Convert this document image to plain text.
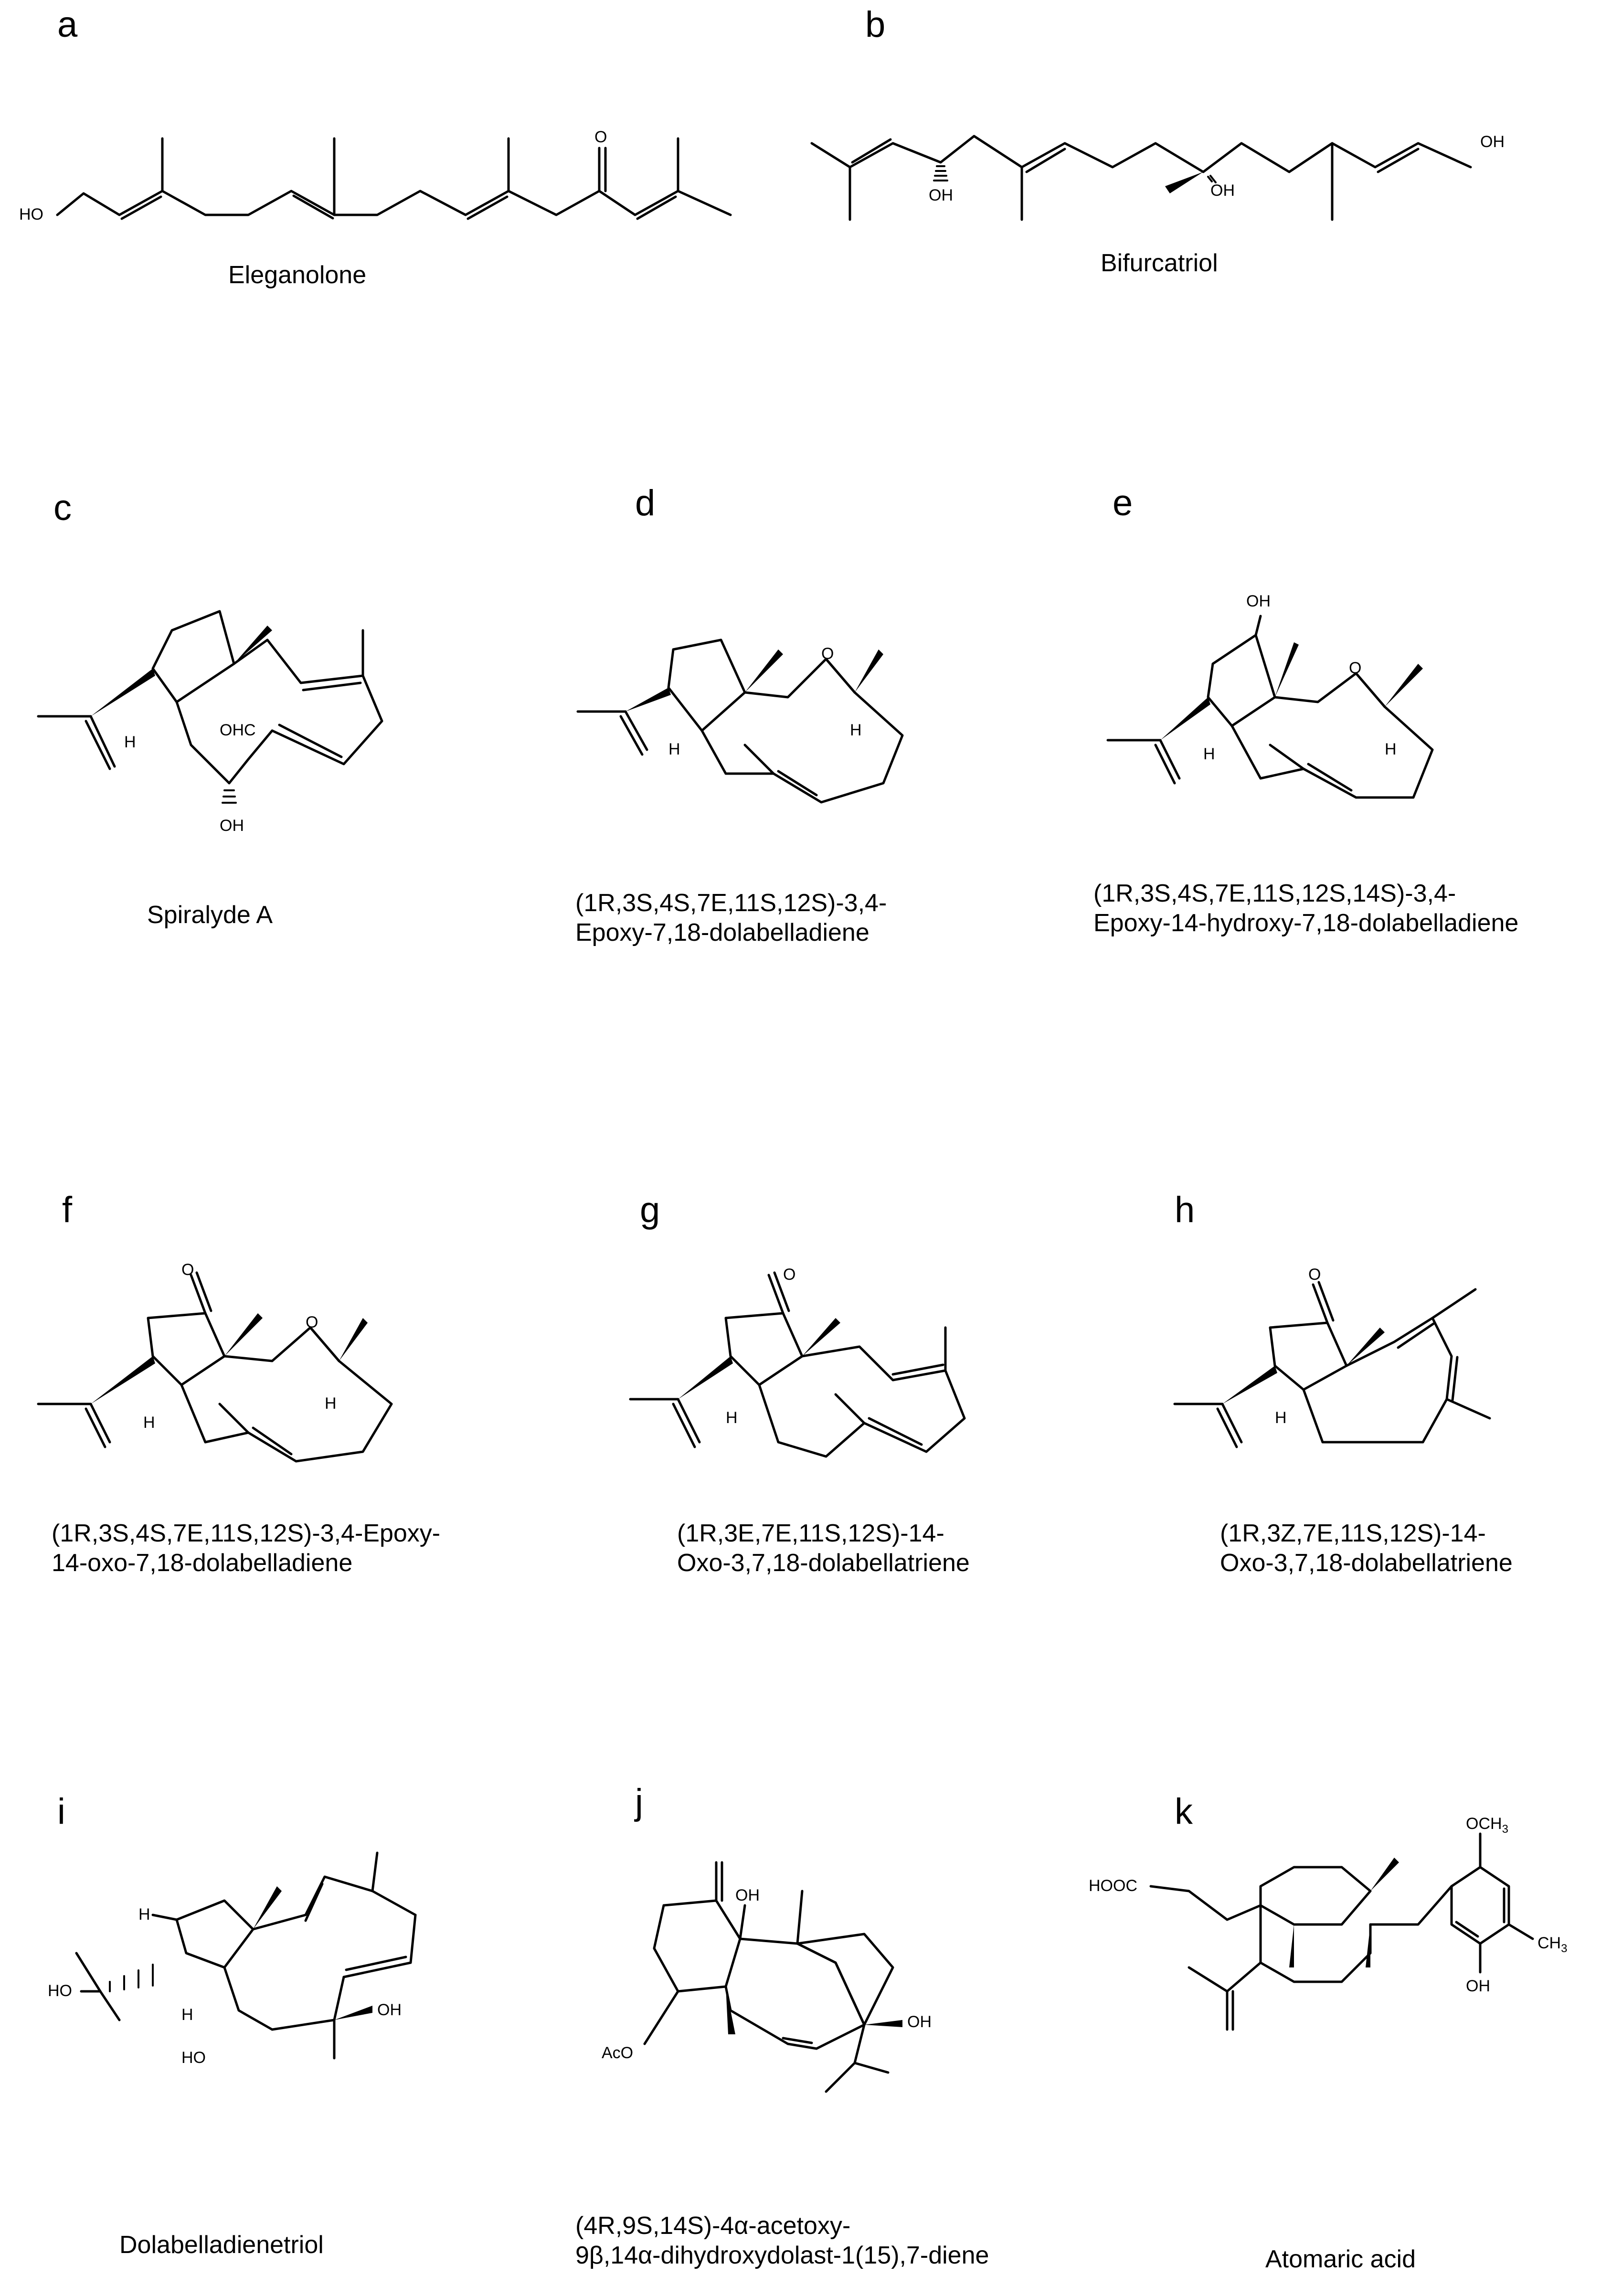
a	b
c	d	e
f	g	h
i	j	k
Eleganolone	Bifurcatriol
Spiralyde A	(1R,3S,4S,7E,11S,12S)-3,4-
Epoxy-7,18-dolabelladiene
(1R,3S,4S,7E,11S,12S,14S)-3,4-
Epoxy-14-hydroxy-7,18-dolabelladiene
(1R,3S,4S,7E,11S,12S)-3,4-Epoxy-
14-oxo-7,18-dolabelladiene
(1R,3E,7E,11S,12S)-14-
Oxo-3,7,18-dolabellatriene
(1R,3Z,7E,11S,12S)-14-
Oxo-3,7,18-dolabellatriene
Dolabelladienetriol
(4R,9S,14S)-4α-acetoxy-
9β,14α-dihydroxydolast-1(15),7-diene	Atomaric acid
HO
O	OH
OH	OH
OHC
H
OH
O
H
H
OH
O
H	H
O
O
H
H
O
H
O
H
H
HO
H
HO
OH
OH
AcO
OH
$OCH_3$
$CH_3$
OH
HOOC
